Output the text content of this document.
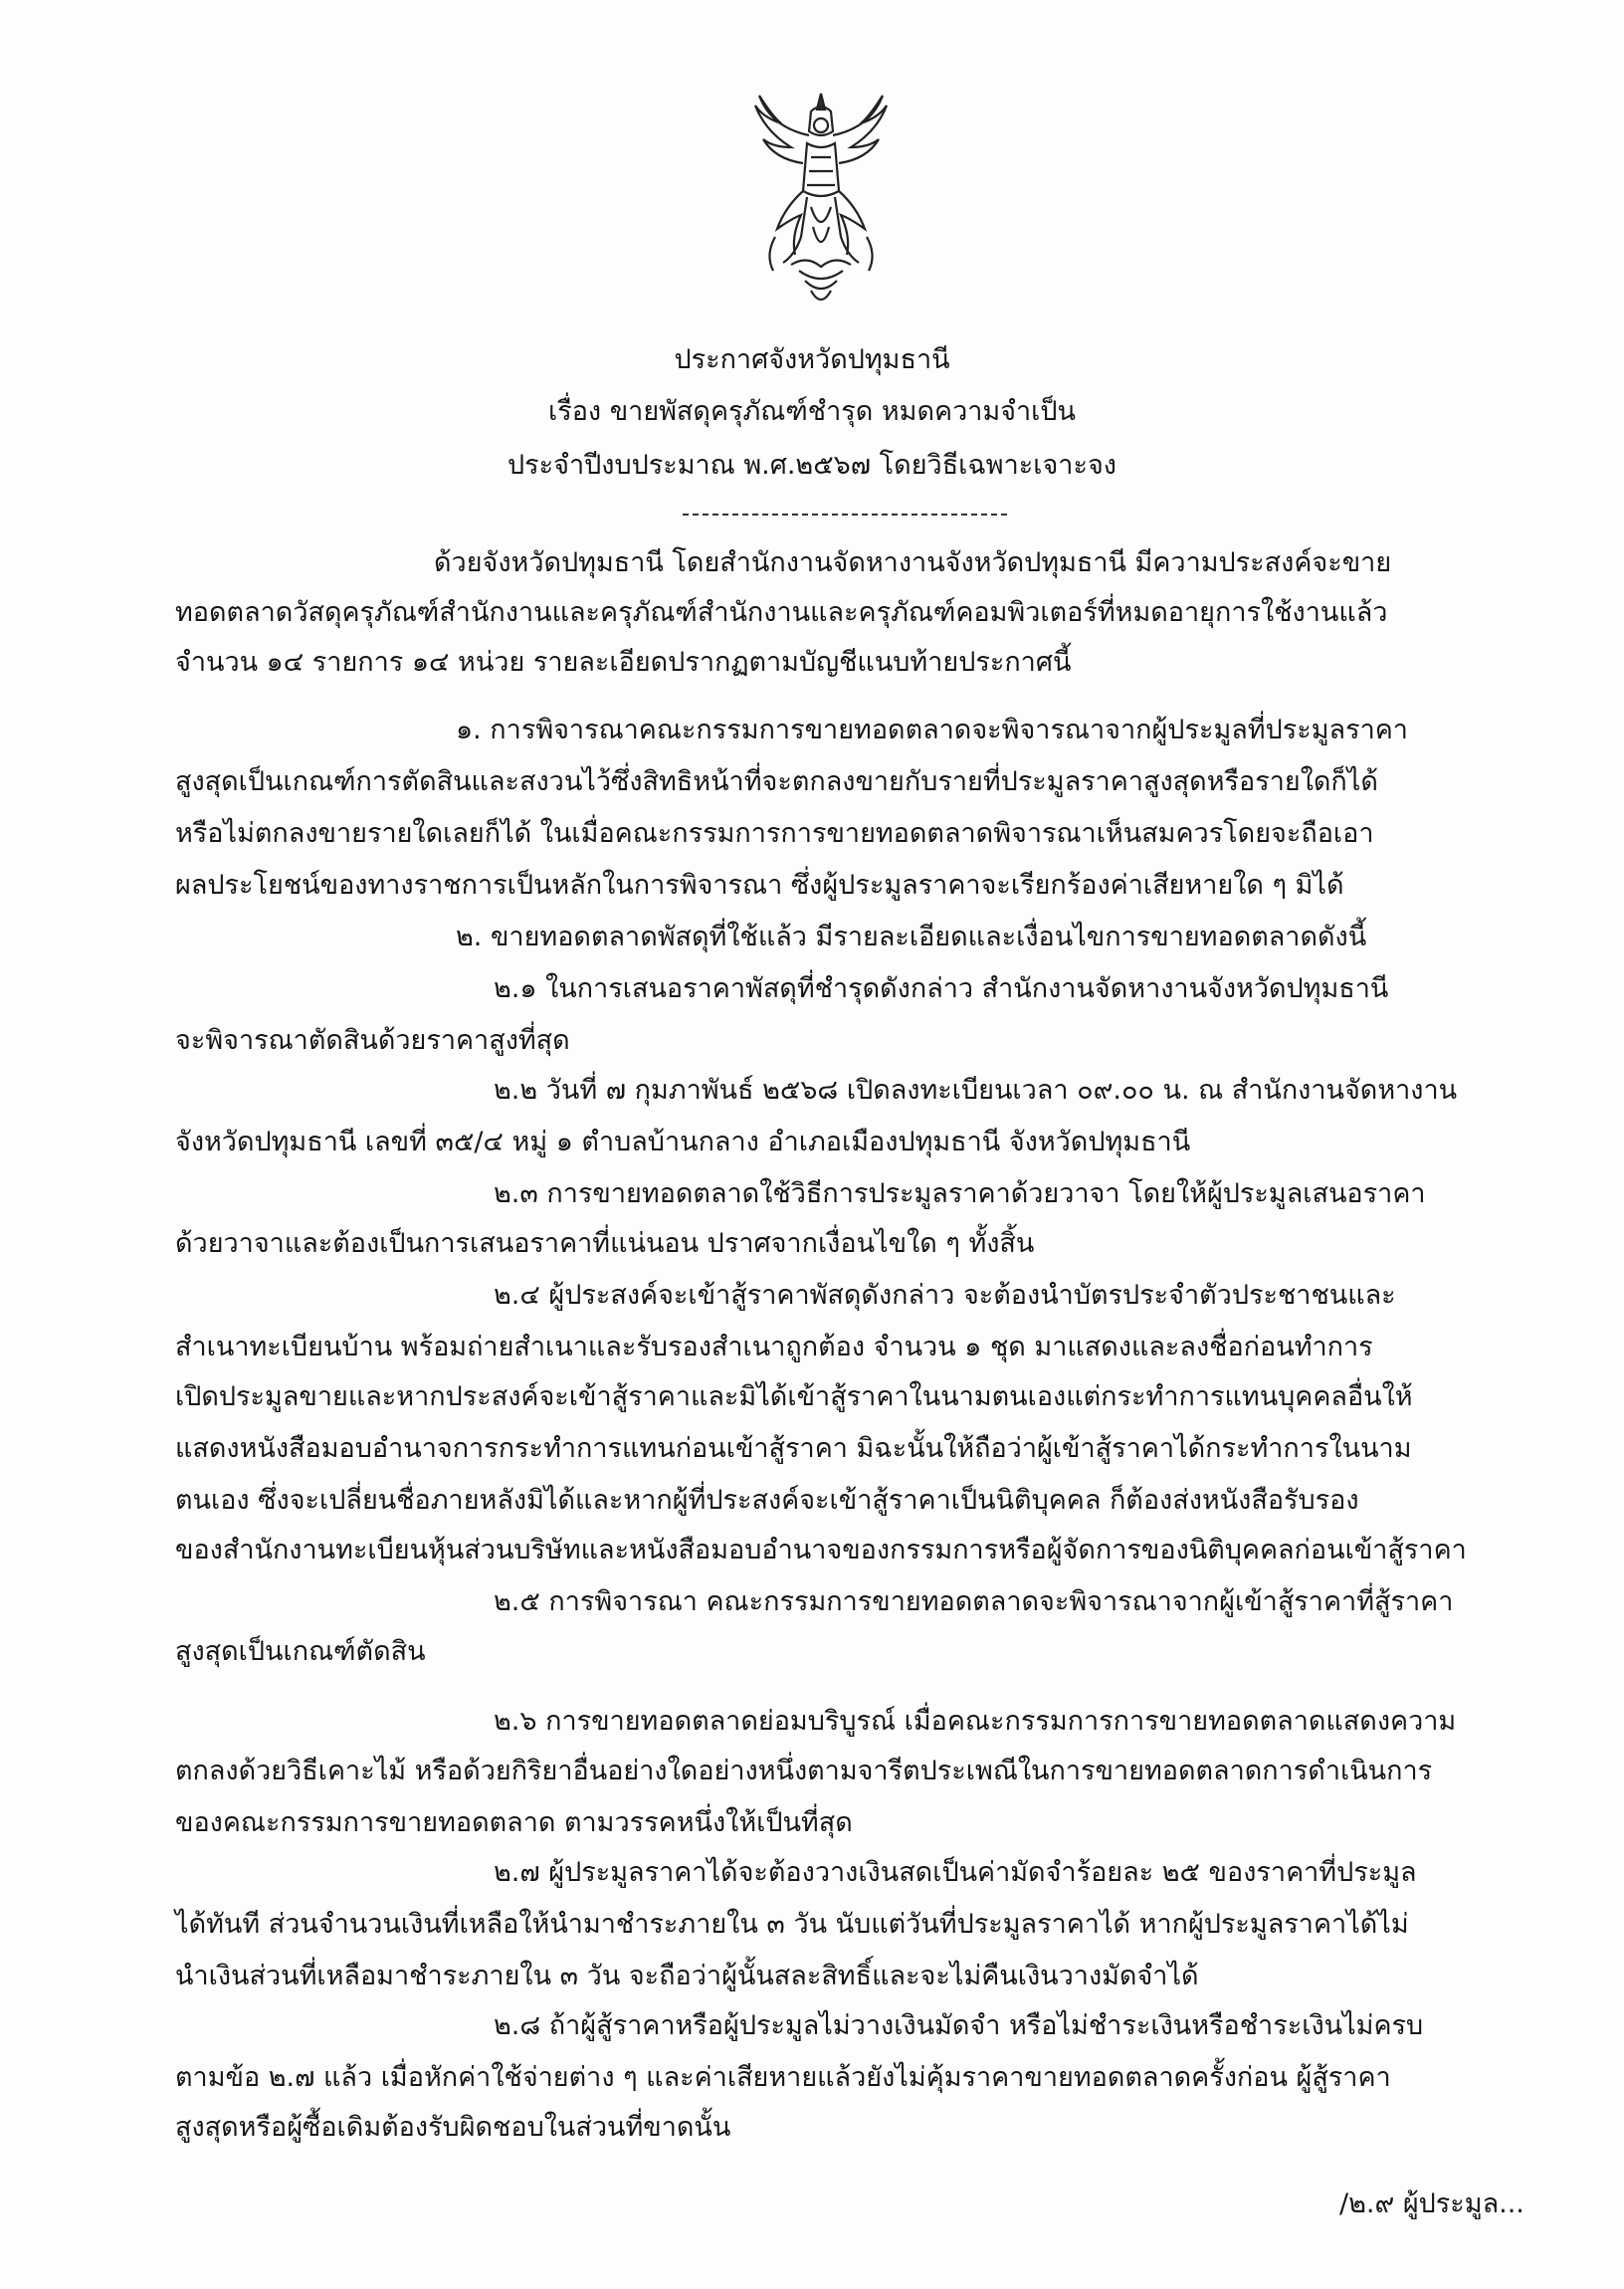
ประกาศจังหวัดปทุมธานี
เรื่อง ขายพัสดุครุภัณฑ์ชำรุด หมดความจำเป็น
ประจำปีงบประมาณ พ.ศ.๒๕๖๗ โดยวิธีเฉพาะเจาะจง
ด้วยจังหวัดปทุมธานี โดยสำนักงานจัดหางานจังหวัดปทุมธานี มีความประสงค์จะขาย
ทอดตลาดวัสดุครุภัณฑ์สำนักงานและครุภัณฑ์สำนักงานและครุภัณฑ์คอมพิวเตอร์ที่หมดอายุการใช้งานแล้ว
จำนวน ๑๔ รายการ ๑๔ หน่วย รายละเอียดปรากฏตามบัญชีแนบท้ายประกาศนี้
๑. การพิจารณาคณะกรรมการขายทอดตลาดจะพิจารณาจากผู้ประมูลที่ประมูลราคา
สูงสุดเป็นเกณฑ์การตัดสินและสงวนไว้ซึ่งสิทธิหน้าที่จะตกลงขายกับรายที่ประมูลราคาสูงสุดหรือรายใดก็ได้
หรือไม่ตกลงขายรายใดเลยก็ได้ ในเมื่อคณะกรรมการการขายทอดตลาดพิจารณาเห็นสมควรโดยจะถือเอา
ผลประโยชน์ของทางราชการเป็นหลักในการพิจารณา ซึ่งผู้ประมูลราคาจะเรียกร้องค่าเสียหายใด ๆ มิได้
๒. ขายทอดตลาดพัสดุที่ใช้แล้ว มีรายละเอียดและเงื่อนไขการขายทอดตลาดดังนี้
๒.๑ ในการเสนอราคาพัสดุที่ชำรุดดังกล่าว สำนักงานจัดหางานจังหวัดปทุมธานี
จะพิจารณาตัดสินด้วยราคาสูงที่สุด
๒.๒ วันที่ ๗ กุมภาพันธ์ ๒๕๖๘ เปิดลงทะเบียนเวลา ๐๙.๐๐ น. ณ สำนักงานจัดหางาน
จังหวัดปทุมธานี เลขที่ ๓๕/๔ หมู่ ๑ ตำบลบ้านกลาง อำเภอเมืองปทุมธานี จังหวัดปทุมธานี
๒.๓ การขายทอดตลาดใช้วิธีการประมูลราคาด้วยวาจา โดยให้ผู้ประมูลเสนอราคา
ด้วยวาจาและต้องเป็นการเสนอราคาที่แน่นอน ปราศจากเงื่อนไขใด ๆ ทั้งสิ้น
๒.๔ ผู้ประสงค์จะเข้าสู้ราคาพัสดุดังกล่าว จะต้องนำบัตรประจำตัวประชาชนและ
สำเนาทะเบียนบ้าน พร้อมถ่ายสำเนาและรับรองสำเนาถูกต้อง จำนวน ๑ ชุด มาแสดงและลงชื่อก่อนทำการ
เปิดประมูลขายและหากประสงค์จะเข้าสู้ราคาและมิได้เข้าสู้ราคาในนามตนเองแต่กระทำการแทนบุคคลอื่นให้
แสดงหนังสือมอบอำนาจการกระทำการแทนก่อนเข้าสู้ราคา มิฉะนั้นให้ถือว่าผู้เข้าสู้ราคาได้กระทำการในนาม
ตนเอง ซึ่งจะเปลี่ยนชื่อภายหลังมิได้และหากผู้ที่ประสงค์จะเข้าสู้ราคาเป็นนิติบุคคล ก็ต้องส่งหนังสือรับรอง
ของสำนักงานทะเบียนหุ้นส่วนบริษัทและหนังสือมอบอำนาจของกรรมการหรือผู้จัดการของนิติบุคคลก่อนเข้าสู้ราคา
๒.๕ การพิจารณา คณะกรรมการขายทอดตลาดจะพิจารณาจากผู้เข้าสู้ราคาที่สู้ราคา
สูงสุดเป็นเกณฑ์ตัดสิน
๒.๖ การขายทอดตลาดย่อมบริบูรณ์ เมื่อคณะกรรมการการขายทอดตลาดแสดงความ
ตกลงด้วยวิธีเคาะไม้ หรือด้วยกิริยาอื่นอย่างใดอย่างหนึ่งตามจารีตประเพณีในการขายทอดตลาดการดำเนินการ
ของคณะกรรมการขายทอดตลาด ตามวรรคหนึ่งให้เป็นที่สุด
๒.๗ ผู้ประมูลราคาได้จะต้องวางเงินสดเป็นค่ามัดจำร้อยละ ๒๕ ของราคาที่ประมูล
ได้ทันที ส่วนจำนวนเงินที่เหลือให้นำมาชำระภายใน ๓ วัน นับแต่วันที่ประมูลราคาได้ หากผู้ประมูลราคาได้ไม่
นำเงินส่วนที่เหลือมาชำระภายใน ๓ วัน จะถือว่าผู้นั้นสละสิทธิ์และจะไม่คืนเงินวางมัดจำได้
๒.๘ ถ้าผู้สู้ราคาหรือผู้ประมูลไม่วางเงินมัดจำ หรือไม่ชำระเงินหรือชำระเงินไม่ครบ
ตามข้อ ๒.๗ แล้ว เมื่อหักค่าใช้จ่ายต่าง ๆ และค่าเสียหายแล้วยังไม่คุ้มราคาขายทอดตลาดครั้งก่อน ผู้สู้ราคา
สูงสุดหรือผู้ซื้อเดิมต้องรับผิดชอบในส่วนที่ขาดนั้น
/๒.๙ ผู้ประมูล...
